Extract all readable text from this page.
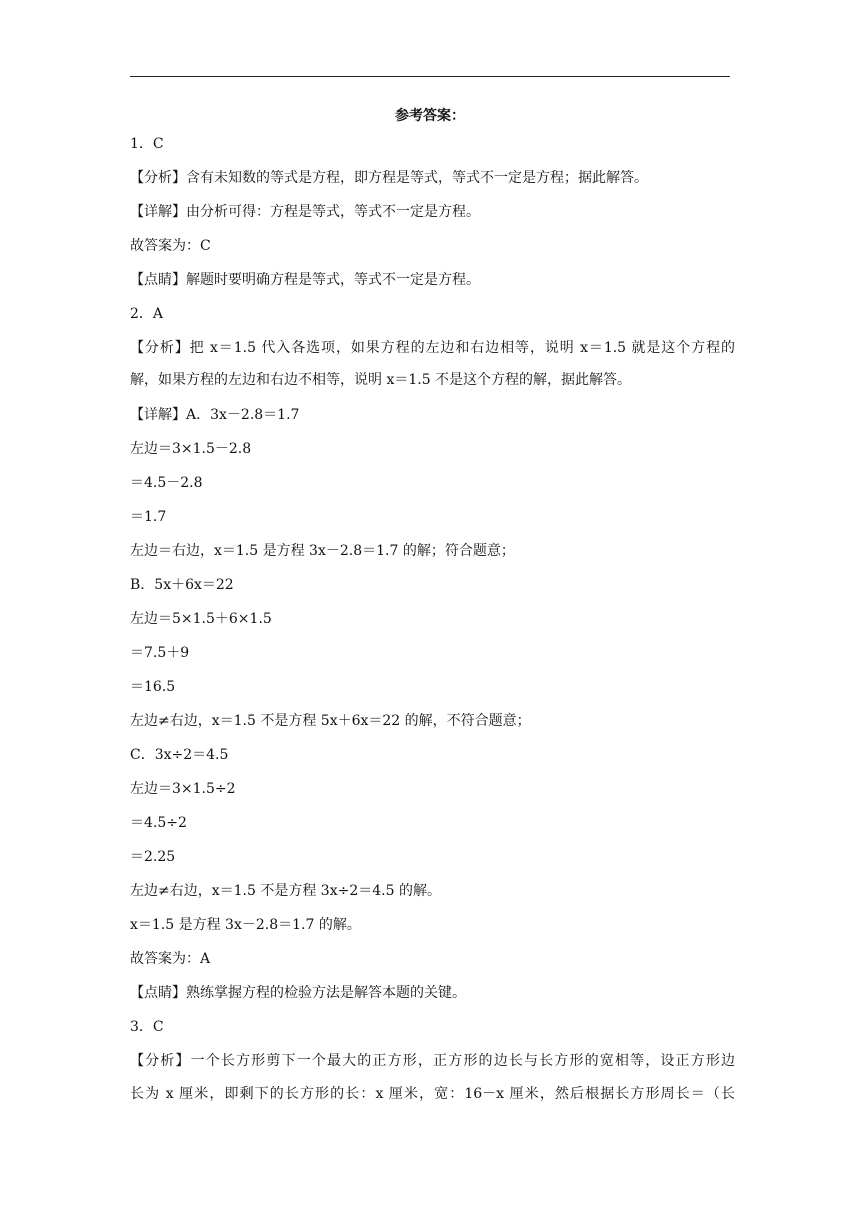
参考答案：
1．C
【分析】含有未知数的等式是方程，即方程是等式，等式不一定是方程；据此解答。
【详解】由分析可得：方程是等式，等式不一定是方程。
故答案为：C
【点睛】解题时要明确方程是等式，等式不一定是方程。
2．A
【分析】把 x＝1.5 代入各选项，如果方程的左边和右边相等，说明 x＝1.5 就是这个方程的
解，如果方程的左边和右边不相等，说明 x＝1.5 不是这个方程的解，据此解答。
【详解】A．3x－2.8＝1.7
左边＝3×1.5－2.8
＝4.5－2.8
＝1.7
左边＝右边，x＝1.5 是方程 3x－2.8＝1.7 的解；符合题意；
B．5x＋6x＝22
左边＝5×1.5＋6×1.5
＝7.5＋9
＝16.5
左边≠右边，x＝1.5 不是方程 5x＋6x＝22 的解，不符合题意；
C．3x÷2＝4.5
左边＝3×1.5÷2
＝4.5÷2
＝2.25
左边≠右边，x＝1.5 不是方程 3x÷2＝4.5 的解。
x＝1.5 是方程 3x－2.8＝1.7 的解。
故答案为：A
【点睛】熟练掌握方程的检验方法是解答本题的关键。
3．C
【分析】一个长方形剪下一个最大的正方形，正方形的边长与长方形的宽相等，设正方形边
长为 x 厘米，即剩下的长方形的长：x 厘米，宽：16－x 厘米，然后根据长方形周长＝（长
